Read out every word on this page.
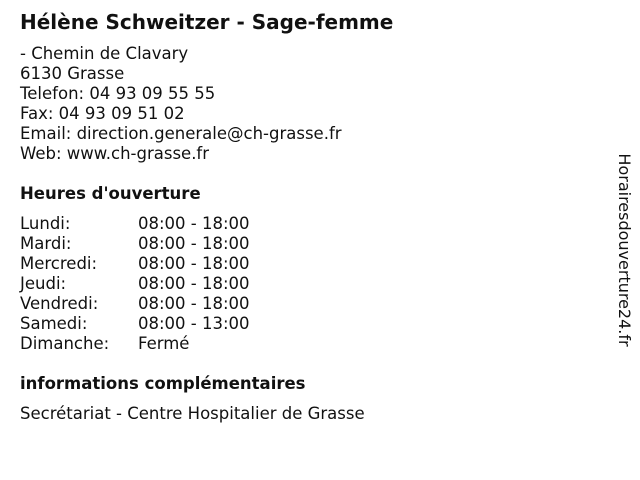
Hélène Schweitzer - Sage-femme
- Chemin de Clavary
6130 Grasse
Telefon: 04 93 09 55 55
Fax: 04 93 09 51 02
Email: direction.generale@ch-grasse.fr
Web: www.ch-grasse.fr
Heures d'ouverture
Lundi:	08:00 - 18:00
Mardi:	08:00 - 18:00
Mercredi:	08:00 - 18:00
Jeudi:	08:00 - 18:00
Vendredi:	08:00 - 18:00
Samedi:	08:00 - 13:00
Dimanche:	Fermé
informations complémentaires
Secrétariat - Centre Hospitalier de Grasse
Horairesdouverture24.fr
